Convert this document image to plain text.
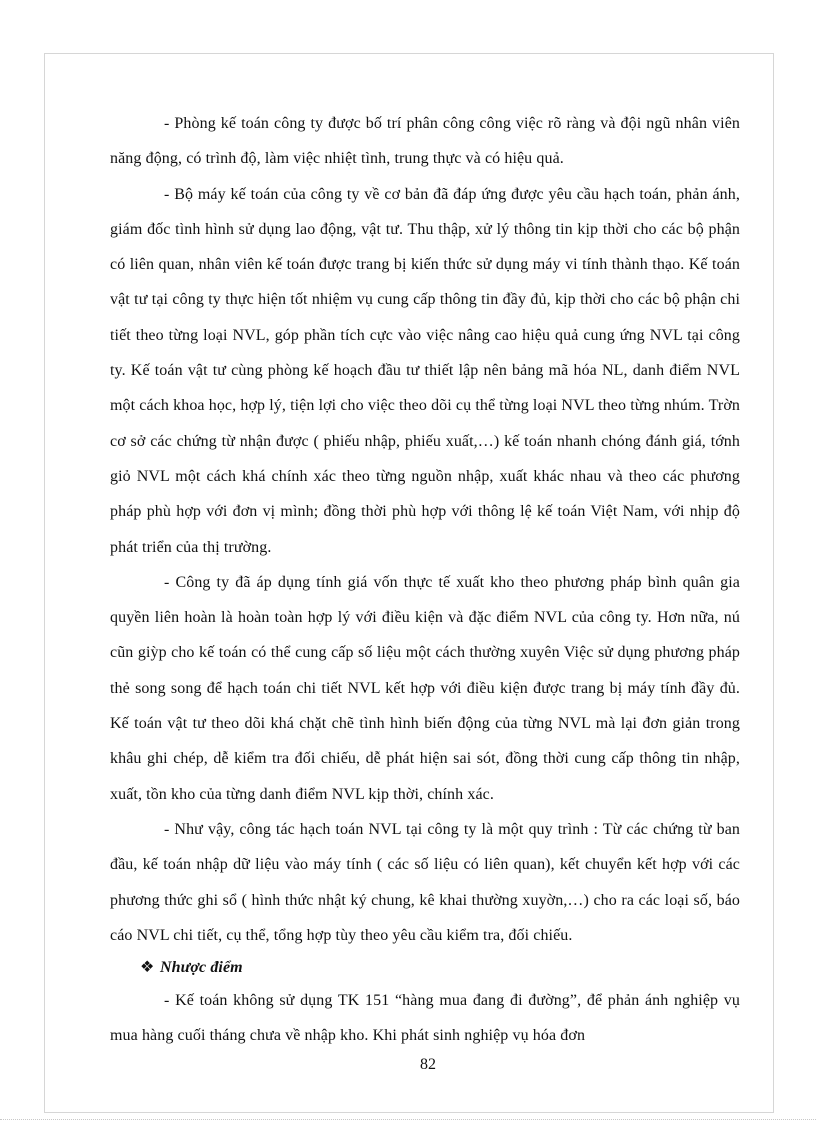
- Phòng kế toán công ty được bố trí phân công công việc rõ ràng và đội ngũ nhân viên năng động, có trình độ, làm việc nhiệt tình, trung thực và có hiệu quả.

- Bộ máy kế toán của công ty về cơ bản đã đáp ứng được yêu cầu hạch toán, phản ánh, giám đốc tình hình sử dụng lao động, vật tư. Thu thập, xử lý thông tin kịp thời cho các bộ phận có liên quan, nhân viên kế toán được trang bị kiến thức sử dụng máy vi tính thành thạo. Kế toán vật tư tại công ty thực hiện tốt nhiệm vụ cung cấp thông tin đầy đủ, kịp thời cho các bộ phận chi tiết theo từng loại NVL, góp phần tích cực vào việc nâng cao hiệu quả cung ứng NVL tại công ty. Kế toán vật tư cùng phòng kế hoạch đầu tư thiết lập nên bảng mã hóa NL, danh điểm NVL một cách khoa học, hợp lý, tiện lợi cho việc theo dõi cụ thể từng loại NVL theo từng nhúm. Trờn cơ sở các chứng từ nhận được ( phiếu nhập, phiếu xuất,…) kế toán nhanh chóng đánh giá, tớnh giỏ NVL một cách khá chính xác theo từng nguồn nhập, xuất khác nhau và theo các phương pháp phù hợp với đơn vị mình; đồng thời phù hợp với thông lệ kế toán Việt Nam, với nhịp độ phát triển của thị trường.

- Công ty đã áp dụng tính giá vốn thực tế xuất kho theo phương pháp bình quân gia quyền liên hoàn là hoàn toàn hợp lý với điều kiện và đặc điểm NVL của công ty. Hơn nữa, nú cũn giỳp cho kế toán có thể cung cấp số liệu một cách thường xuyên Việc sử dụng phương pháp thẻ song song để hạch toán chi tiết NVL kết hợp với điều kiện được trang bị máy tính đầy đủ. Kế toán vật tư theo dõi khá chặt chẽ tình hình biến động của từng NVL mà lại đơn giản trong khâu ghi chép, dễ kiểm tra đối chiếu, dễ phát hiện sai sót, đồng thời cung cấp thông tin nhập, xuất, tồn kho của từng danh điểm NVL kịp thời, chính xác.

- Như vậy, công tác hạch toán NVL tại công ty là một quy trình : Từ các chứng từ ban đầu, kế toán nhập dữ liệu vào máy tính ( các số liệu có liên quan), kết chuyển kết hợp với các phương thức ghi sổ ( hình thức nhật ký chung, kê khai thường xuyờn,…) cho ra các loại số, báo cáo NVL chi tiết, cụ thể, tổng hợp tùy theo yêu cầu kiểm tra, đối chiếu.

❖ Nhược điểm

- Kế toán không sử dụng TK 151 “hàng mua đang đi đường”, để phản ánh nghiệp vụ mua hàng cuối tháng chưa về nhập kho. Khi phát sinh nghiệp vụ hóa đơn

82
